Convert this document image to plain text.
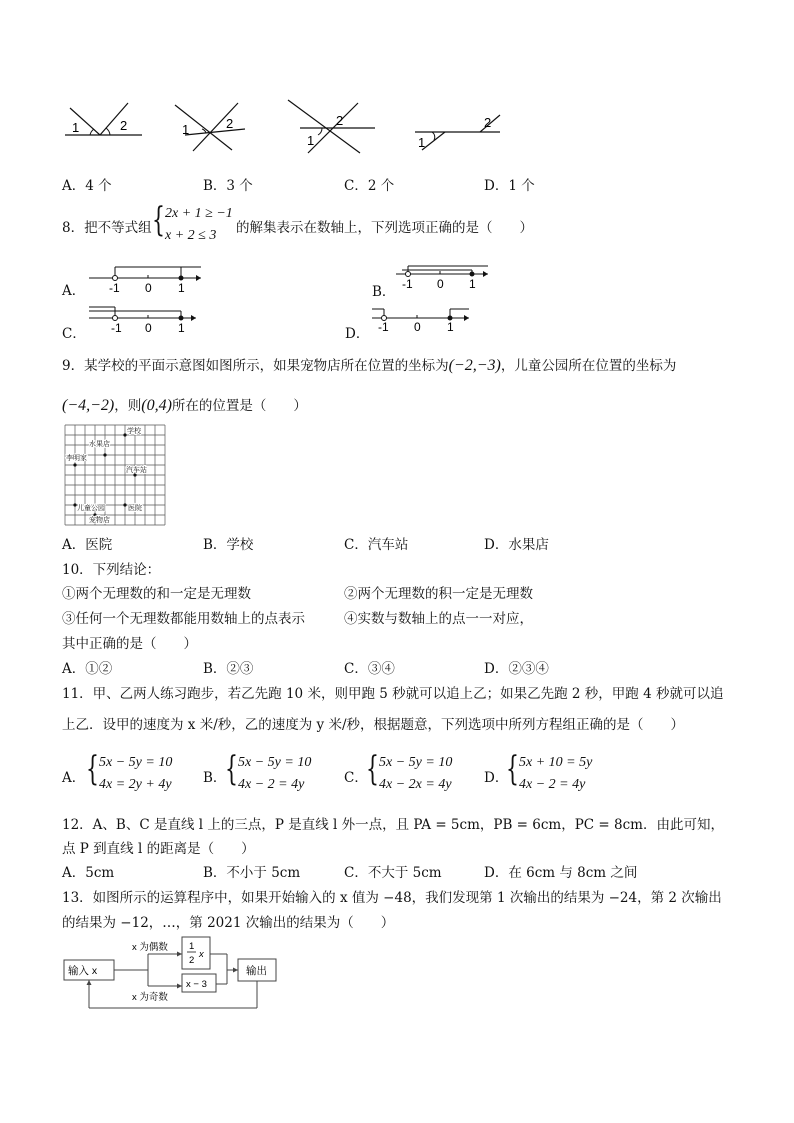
1	2	1	2	2
1	1
2
A．4 个	B．3 个	C．2 个	D．1 个
8．把不等式组 { 2x + 1 ≥ −1
x + 2 ≤ 3	的解集表示在数轴上，下列选项正确的是（　　）
A． -1 0 1	B． -1 0 1
C． -1 0 1	D． -1 0 1
9．某学校的平面示意图如图所示，如果宠物店所在位置的坐标为(−2,−3)，儿童公园所在位置的坐标为
(−4,−2)，则(0,4)所在的位置是（　　）
学校
水果店
李明家
汽车站
儿童公园	医院
宠物店
A．医院	B．学校	C．汽车站	D．水果店
10．下列结论：
①两个无理数的和一定是无理数	②两个无理数的积一定是无理数
③任何一个无理数都能用数轴上的点表示	④实数与数轴上的点一一对应，
其中正确的是（　　）
A．①②	B．②③	C．③④	D．②③④
11．甲、乙两人练习跑步，若乙先跑 10 米，则甲跑 5 秒就可以追上乙；如果乙先跑 2 秒，甲跑 4 秒就可以追
上乙．设甲的速度为 x 米/秒，乙的速度为 y 米/秒，根据题意，下列选项中所列方程组正确的是（　　）
A． { 5x − 5y = 10
4x = 2y + 4y B．
{ 5x − 5y = 10
4x − 2 = 4y	C．
{ 5x − 5y = 10
4x − 2x = 4y D．
{ 5x + 10 = 5y
4x − 2 = 4y
12．A、B、C 是直线 l 上的三点，P 是直线 l 外一点，且 PA = 5cm，PB = 6cm，PC = 8cm．由此可知，
点 P 到直线 l 的距离是（　　）
A．5cm	B．不小于 5cm	C．不大于 5cm	D．在 6cm 与 8cm 之间
13．如图所示的运算程序中，如果开始输入的 x 值为 −48，我们发现第 1 次输出的结果为 −24，第 2 次输出
的结果为 −12，…，第 2021 次输出的结果为（　　）
输入 x
x 为偶数
x 为奇数
1
2
x
x − 3
输出
